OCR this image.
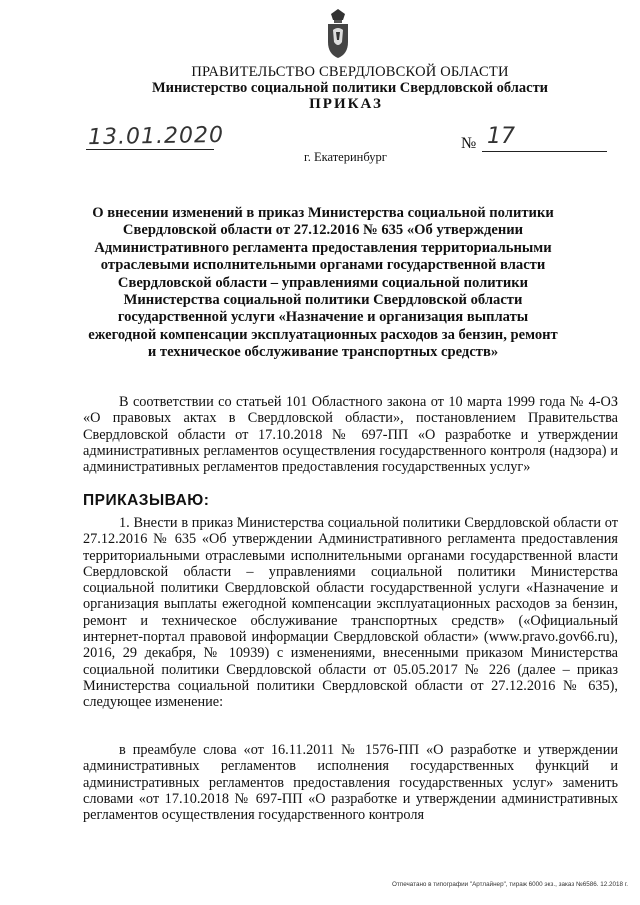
ПРАВИТЕЛЬСТВО СВЕРДЛОВСКОЙ ОБЛАСТИ
Министерство социальной политики Свердловской области
ПРИКАЗ
13.01.2020	№ 17
г. Екатеринбург
О внесении изменений в приказ Министерства социальной политики Свердловской области от 27.12.2016 № 635 «Об утверждении Административного регламента предоставления территориальными отраслевыми исполнительными органами государственной власти Свердловской области – управлениями социальной политики Министерства социальной политики Свердловской области государственной услуги «Назначение и организация выплаты ежегодной компенсации эксплуатационных расходов за бензин, ремонт и техническое обслуживание транспортных средств»
В соответствии со статьей 101 Областного закона от 10 марта 1999 года № 4-ОЗ «О правовых актах в Свердловской области», постановлением Правительства Свердловской области от 17.10.2018 № 697-ПП «О разработке и утверждении административных регламентов осуществления государственного контроля (надзора) и административных регламентов предоставления государственных услуг»
ПРИКАЗЫВАЮ:
1. Внести в приказ Министерства социальной политики Свердловской области от 27.12.2016 № 635 «Об утверждении Административного регламента предоставления территориальными отраслевыми исполнительными органами государственной власти Свердловской области – управлениями социальной политики Министерства социальной политики Свердловской области государственной услуги «Назначение и организация выплаты ежегодной компенсации эксплуатационных расходов за бензин, ремонт и техническое обслуживание транспортных средств» («Официальный интернет-портал правовой информации Свердловской области» (www.pravo.gov66.ru), 2016, 29 декабря, № 10939) с изменениями, внесенными приказом Министерства социальной политики Свердловской области от 05.05.2017 № 226 (далее – приказ Министерства социальной политики Свердловской области от 27.12.2016 № 635), следующее изменение:
в преамбуле слова «от 16.11.2011 № 1576-ПП «О разработке и утверждении административных регламентов исполнения государственных функций и административных регламентов предоставления государственных услуг» заменить словами «от 17.10.2018 № 697-ПП «О разработке и утверждении административных регламентов осуществления государственного контроля
Отпечатано в типографии "Артлайнер", тираж 6000 экз., заказ №6586. 12.2018 г.
